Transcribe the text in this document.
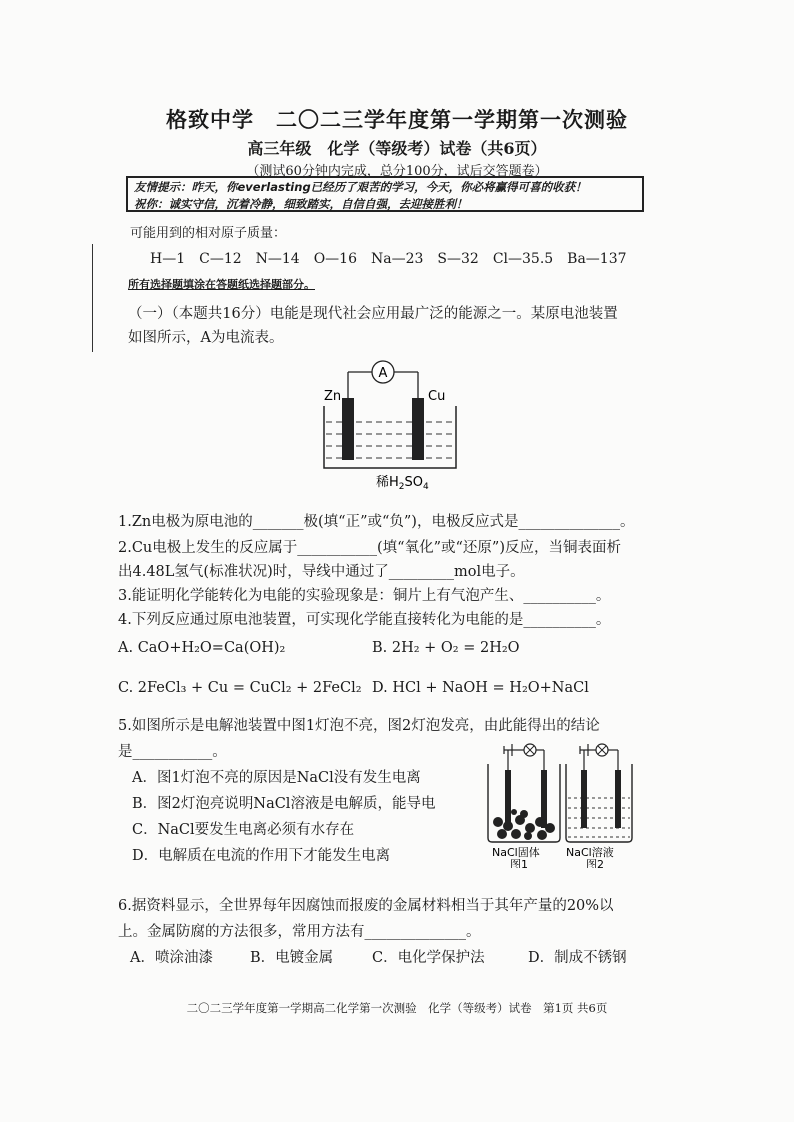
格致中学　二〇二三学年度第一学期第一次测验
高三年级　化学（等级考）试卷（共6页）
（测试60分钟内完成，总分100分，试后交答题卷）
友情提示：昨天，你everlasting已经历了艰苦的学习，今天，你必将赢得可喜的收获！
祝你：诚实守信，沉着冷静，细致踏实，自信自强，去迎接胜利！
可能用到的相对原子质量：
H—1　C—12　N—14　O—16　Na—23　S—32　Cl—35.5　Ba—137
所有选择题填涂在答题纸选择题部分。
（一）（本题共16分）电能是现代社会应用最广泛的能源之一。某原电池装置
如图所示，A为电流表。
A
Zn	Cu
稀$H_2SO_4$
1.Zn电极为原电池的_______极(填“正”或“负”)，电极反应式是______________。
2.Cu电极上发生的反应属于___________(填“氧化”或“还原”)反应，当铜表面析
出4.48L氢气(标准状况)时，导线中通过了_________mol电子。
3.能证明化学能转化为电能的实验现象是：铜片上有气泡产生、__________。
4.下列反应通过原电池装置，可实现化学能直接转化为电能的是__________。
A. CaO+H₂O=Ca(OH)₂	B. 2H₂ + O₂ = 2H₂O
C. 2FeCl₃ + Cu = CuCl₂ + 2FeCl₂ D. HCl + NaOH = H₂O+NaCl
5.如图所示是电解池装置中图1灯泡不亮，图2灯泡发亮，由此能得出的结论
是___________。
A．图1灯泡不亮的原因是NaCl没有发生电离
B．图2灯泡亮说明NaCl溶液是电解质，能导电
C．NaCl要发生电离必须有水存在
D．电解质在电流的作用下才能发生电离	NaCl固体
图1
NaCl溶液
图2
6.据资料显示，全世界每年因腐蚀而报废的金属材料相当于其年产量的20%以
上。金属防腐的方法很多，常用方法有______________。
A．喷涂油漆	B．电镀金属	C．电化学保护法	D．制成不锈钢
二〇二三学年度第一学期高二化学第一次测验　化学（等级考）试卷　第1页 共6页
